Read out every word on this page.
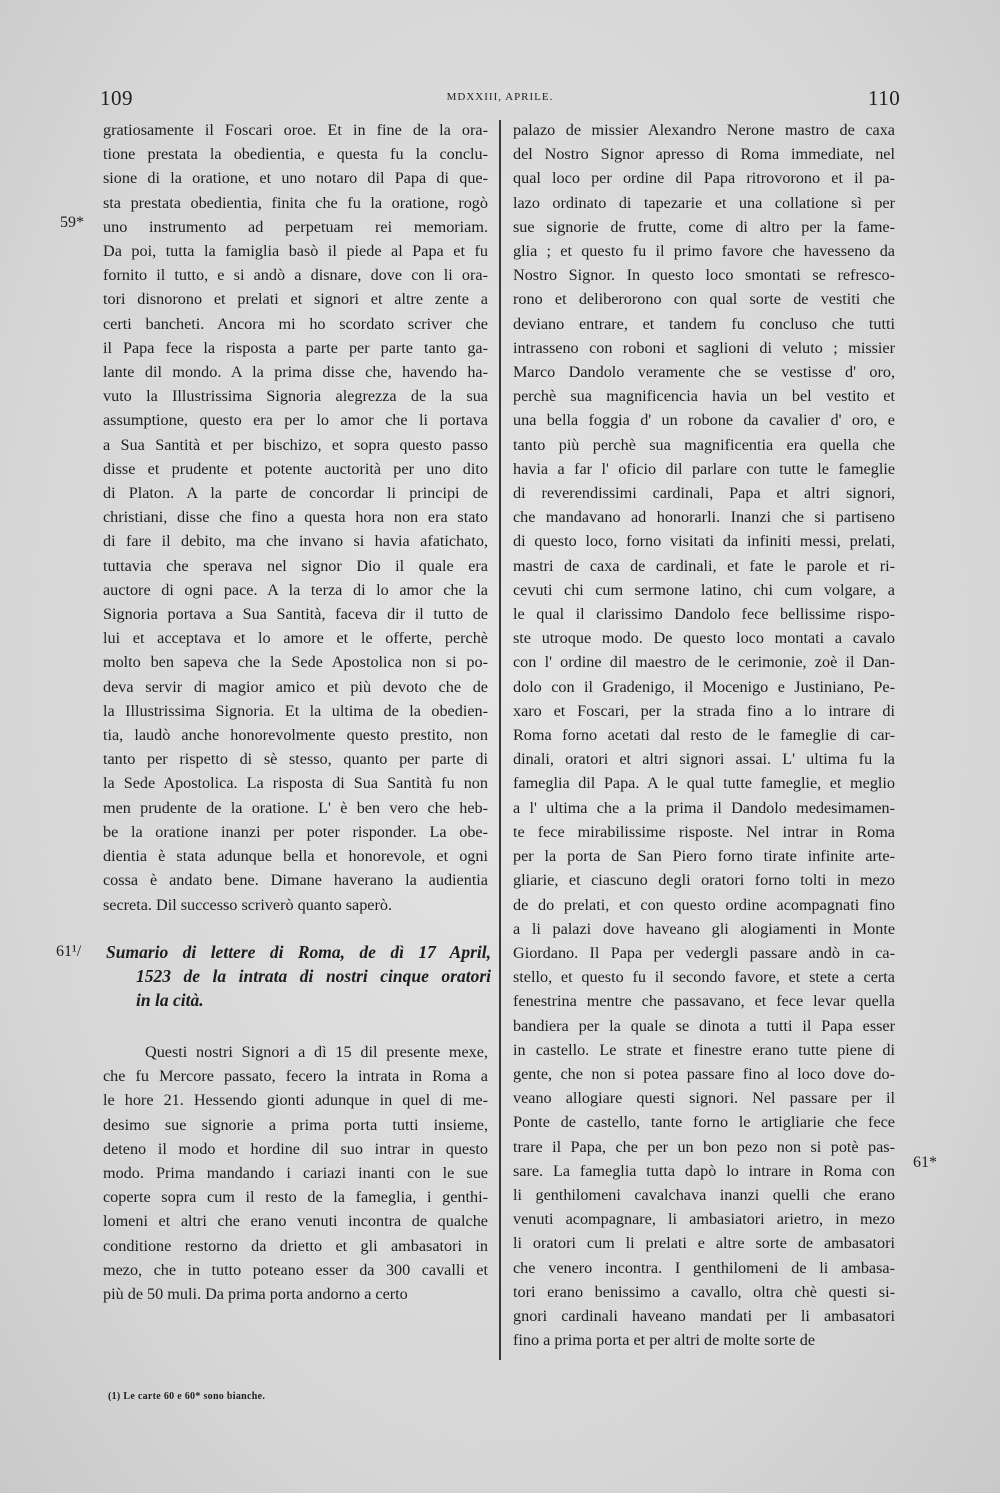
109	MDXXIII, APRILE.	110
59*
61¹/
61*
gratiosamente il Foscari oroe. Et in fine de la ora-
tione prestata la obedientia, e questa fu la conclu-
sione di la oratione, et uno notaro dil Papa di que-
sta prestata obedientia, finita che fu la oratione, rogò
uno instrumento ad perpetuam rei memoriam.
Da poi, tutta la famiglia basò il piede al Papa et fu
fornito il tutto, e si andò a disnare, dove con li ora-
tori disnorono et prelati et signori et altre zente a
certi bancheti. Ancora mi ho scordato scriver che
il Papa fece la risposta a parte per parte tanto ga-
lante dil mondo. A la prima disse che, havendo ha-
vuto la Illustrissima Signoria alegrezza de la sua
assumptione, questo era per lo amor che li portava
a Sua Santità et per bischizo, et sopra questo passo
disse et prudente et potente auctorità per uno dito
di Platon. A la parte de concordar li principi de
christiani, disse che fino a questa hora non era stato
di fare il debito, ma che invano si havia afatichato,
tuttavia che sperava nel signor Dio il quale era
auctore di ogni pace. A la terza di lo amor che la
Signoria portava a Sua Santità, faceva dir il tutto de
lui et acceptava et lo amore et le offerte, perchè
molto ben sapeva che la Sede Apostolica non si po-
deva servir di magior amico et più devoto che de
la Illustrissima Signoria. Et la ultima de la obedien-
tia, laudò anche honorevolmente questo prestito, non
tanto per rispetto di sè stesso, quanto per parte di
la Sede Apostolica. La risposta di Sua Santità fu non
men prudente de la oratione. L' è ben vero che heb-
be la oratione inanzi per poter risponder. La obe-
dientia è stata adunque bella et honorevole, et ogni
cossa è andato bene. Dimane haverano la audientia
secreta. Dil successo scriverò quanto saperò.
Sumario di lettere di Roma, de dì 17 April,
1523 de la intrata di nostri cinque oratori
in la cità.
Questi nostri Signori a dì 15 dil presente mexe,
che fu Mercore passato, fecero la intrata in Roma a
le hore 21. Hessendo gionti adunque in quel di me-
desimo sue signorie a prima porta tutti insieme,
deteno il modo et hordine dil suo intrar in questo
modo. Prima mandando i cariazi inanti con le sue
coperte sopra cum il resto de la fameglia, i genthi-
lomeni et altri che erano venuti incontra de qualche
conditione restorno da drietto et gli ambasatori in
mezo, che in tutto poteano esser da 300 cavalli et
più de 50 muli. Da prima porta andorno a certo
(1) Le carte 60 e 60* sono bianche.
palazo de missier Alexandro Nerone mastro de caxa
del Nostro Signor apresso di Roma immediate, nel
qual loco per ordine dil Papa ritrovorono et il pa-
lazo ordinato di tapezarie et una collatione sì per
sue signorie de frutte, come di altro per la fame-
glia ; et questo fu il primo favore che havesseno da
Nostro Signor. In questo loco smontati se refresco-
rono et deliberorono con qual sorte de vestiti che
deviano entrare, et tandem fu concluso che tutti
intrasseno con roboni et saglioni di veluto ; missier
Marco Dandolo veramente che se vestisse d' oro,
perchè sua magnificencia havia un bel vestito et
una bella foggia d' un robone da cavalier d' oro, e
tanto più perchè sua magnificentia era quella che
havia a far l' oficio dil parlare con tutte le fameglie
di reverendissimi cardinali, Papa et altri signori,
che mandavano ad honorarli. Inanzi che si partiseno
di questo loco, forno visitati da infiniti messi, prelati,
mastri de caxa de cardinali, et fate le parole et ri-
cevuti chi cum sermone latino, chi cum volgare, a
le qual il clarissimo Dandolo fece bellissime rispo-
ste utroque modo. De questo loco montati a cavalo
con l' ordine dil maestro de le cerimonie, zoè il Dan-
dolo con il Gradenigo, il Mocenigo e Justiniano, Pe-
xaro et Foscari, per la strada fino a lo intrare di
Roma forno acetati dal resto de le fameglie di car-
dinali, oratori et altri signori assai. L' ultima fu la
fameglia dil Papa. A le qual tutte fameglie, et meglio
a l' ultima che a la prima il Dandolo medesimamen-
te fece mirabilissime risposte. Nel intrar in Roma
per la porta de San Piero forno tirate infinite arte-
gliarie, et ciascuno degli oratori forno tolti in mezo
de do prelati, et con questo ordine acompagnati fino
a li palazi dove haveano gli alogiamenti in Monte
Giordano. Il Papa per vedergli passare andò in ca-
stello, et questo fu il secondo favore, et stete a certa
fenestrina mentre che passavano, et fece levar quella
bandiera per la quale se dinota a tutti il Papa esser
in castello. Le strate et finestre erano tutte piene di
gente, che non si potea passare fino al loco dove do-
veano allogiare questi signori. Nel passare per il
Ponte de castello, tante forno le artigliarie che fece
trare il Papa, che per un bon pezo non si potè pas-
sare. La fameglia tutta dapò lo intrare in Roma con
li genthilomeni cavalchava inanzi quelli che erano
venuti acompagnare, li ambasiatori arietro, in mezo
li oratori cum li prelati e altre sorte de ambasatori
che venero incontra. I genthilomeni de li ambasa-
tori erano benissimo a cavallo, oltra chè questi si-
gnori cardinali haveano mandati per li ambasatori
fino a prima porta et per altri de molte sorte de
